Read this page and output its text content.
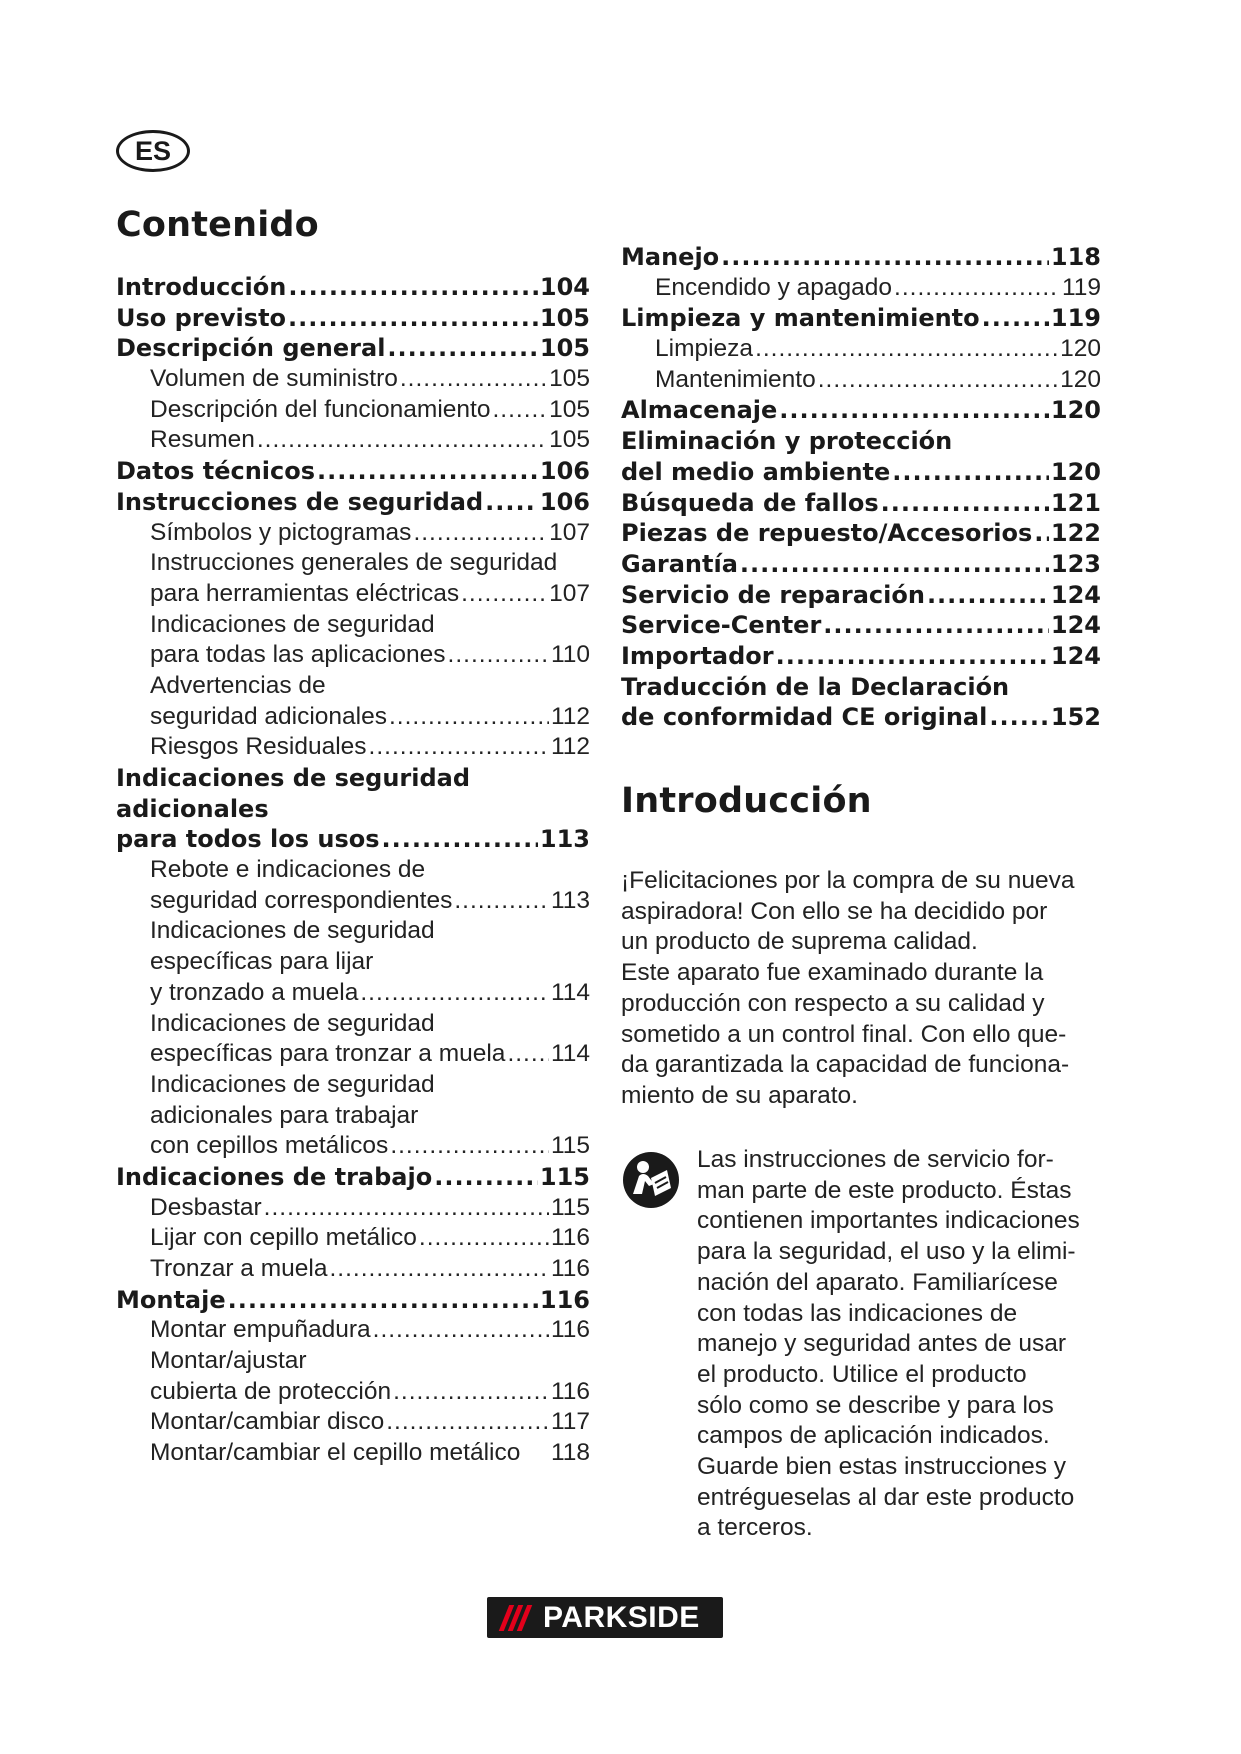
ES
Contenido
Introducción .....	104
Uso previsto .....	105
Descripción general .....	105
Volumen de suministro .....	105
Descripción del funcionamiento ..... 105
Resumen .....	105
Datos técnicos .....	106
Instrucciones de seguridad ..... 106
Símbolos y pictogramas .....	107
Instrucciones generales de seguridad
para herramientas eléctricas .....	107
Indicaciones de seguridad
para todas las aplicaciones .....	110
Advertencias de
seguridad adicionales .....	112
Riesgos Residuales .....	112
Indicaciones de seguridad
adicionales
para todos los usos .....	113
Rebote e indicaciones de
seguridad correspondientes .....	113
Indicaciones de seguridad
específicas para lijar
y tronzado a muela .....	114
Indicaciones de seguridad
específicas para tronzar a muela ..... 114
Indicaciones de seguridad
adicionales para trabajar
con cepillos metálicos .....	115
Indicaciones de trabajo .....	115
Desbastar .....	115
Lijar con cepillo metálico .....	116
Tronzar a muela .....	116
Montaje .....	116
Montar empuñadura .....	116
Montar/ajustar
cubierta de protección .....	116
Montar/cambiar disco .....	117
Montar/cambiar el cepillo metálico 118
Manejo .....	118
Encendido y apagado .....	119
Limpieza y mantenimiento .....	119
Limpieza .....	120
Mantenimiento .....	120
Almacenaje .....	120
Eliminación y protección
del medio ambiente .....	120
Búsqueda de fallos .....	121
Piezas de repuesto/Accesorios ..... 122
Garantía .....	123
Servicio de reparación .....	124
Service-Center .....	124
Importador .....	124
Traducción de la Declaración
de conformidad CE original .....	152
Introducción

¡Felicitaciones por la compra de su nueva
aspiradora! Con ello se ha decidido por
un producto de suprema calidad.
Este aparato fue examinado durante la
producción con respecto a su calidad y
sometido a un control final. Con ello que-
da garantizada la capacidad de funciona-
miento de su aparato.

Las instrucciones de servicio for-
man parte de este producto. Éstas
contienen importantes indicaciones
para la seguridad, el uso y la elimi-
nación del aparato. Familiarícese
con todas las indicaciones de
manejo y seguridad antes de usar
el producto. Utilice el producto
sólo como se describe y para los
campos de aplicación indicados.
Guarde bien estas instrucciones y
entrégueselas al dar este producto
a terceros.
PARKSIDE
